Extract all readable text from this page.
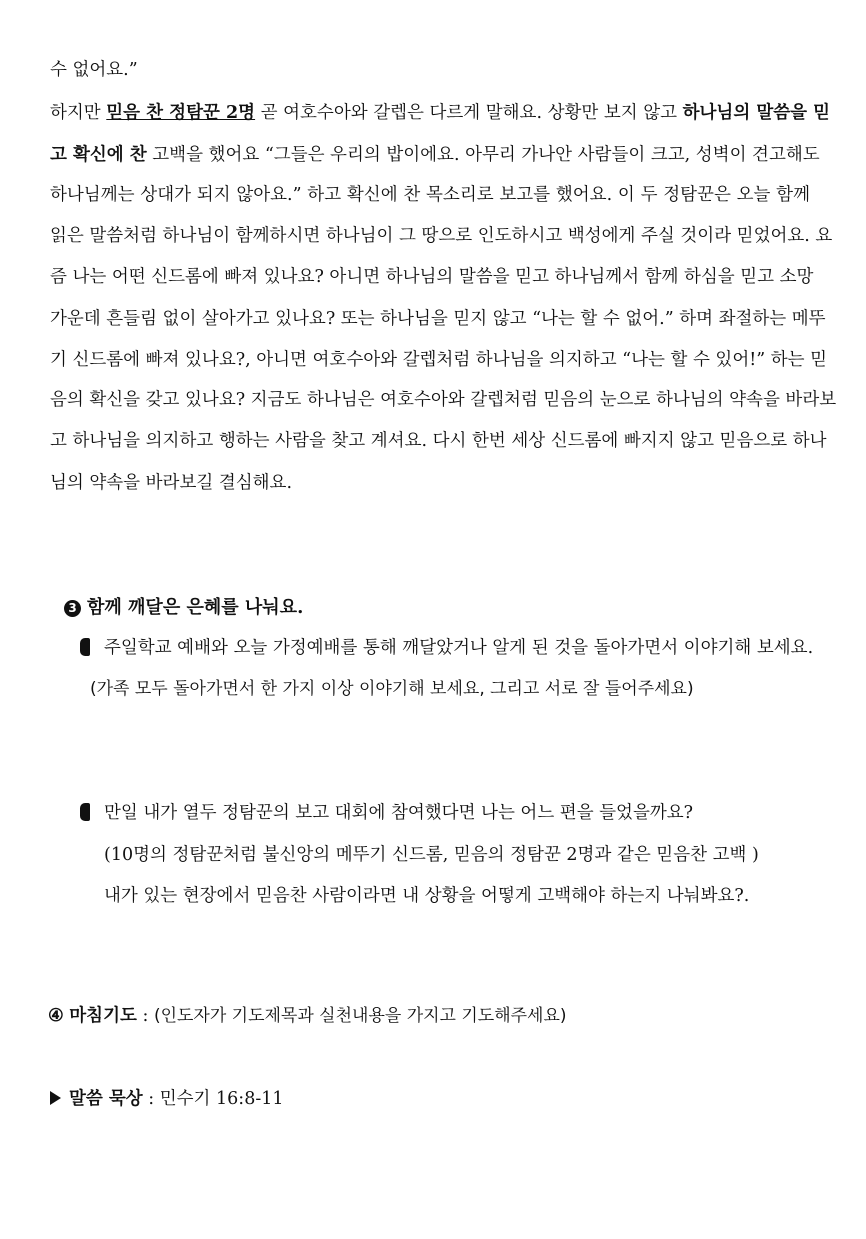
수 없어요.”
하지만 믿음 찬 정탐꾼 2명 곧 여호수아와 갈렙은 다르게 말해요. 상황만 보지 않고 하나님의 말씀을 믿
고 확신에 찬 고백을 했어요 “그들은 우리의 밥이에요. 아무리 가나안 사람들이 크고, 성벽이 견고해도
하나님께는 상대가 되지 않아요.” 하고 확신에 찬 목소리로 보고를 했어요. 이 두 정탐꾼은 오늘 함께
읽은 말씀처럼 하나님이 함께하시면 하나님이 그 땅으로 인도하시고 백성에게 주실 것이라 믿었어요. 요
즘 나는 어떤 신드롬에 빠져 있나요? 아니면 하나님의 말씀을 믿고 하나님께서 함께 하심을 믿고 소망
가운데 흔들림 없이 살아가고 있나요? 또는 하나님을 믿지 않고 “나는 할 수 없어.” 하며 좌절하는 메뚜
기 신드롬에 빠져 있나요?, 아니면 여호수아와 갈렙처럼 하나님을 의지하고 “나는 할 수 있어!” 하는 믿
음의 확신을 갖고 있나요? 지금도 하나님은 여호수아와 갈렙처럼 믿음의 눈으로 하나님의 약속을 바라보
고 하나님을 의지하고 행하는 사람을 찾고 계셔요. 다시 한번 세상 신드롬에 빠지지 않고 믿음으로 하나
님의 약속을 바라보길 결심해요.
3 함께 깨달은 은혜를 나눠요.
주일학교 예배와 오늘 가정예배를 통해 깨달았거나 알게 된 것을 돌아가면서 이야기해 보세요.
(가족 모두 돌아가면서 한 가지 이상 이야기해 보세요, 그리고 서로 잘 들어주세요)
만일 내가 열두 정탐꾼의 보고 대회에 참여했다면 나는 어느 편을 들었을까요?
(10명의 정탐꾼처럼 불신앙의 메뚜기 신드롬, 믿음의 정탐꾼 2명과 같은 믿음찬 고백 )
내가 있는 현장에서 믿음찬 사람이라면 내 상황을 어떻게 고백해야 하는지 나눠봐요?.
④ 마침기도 : (인도자가 기도제목과 실천내용을 가지고 기도해주세요)
말씀 묵상 : 민수기 16:8-11
